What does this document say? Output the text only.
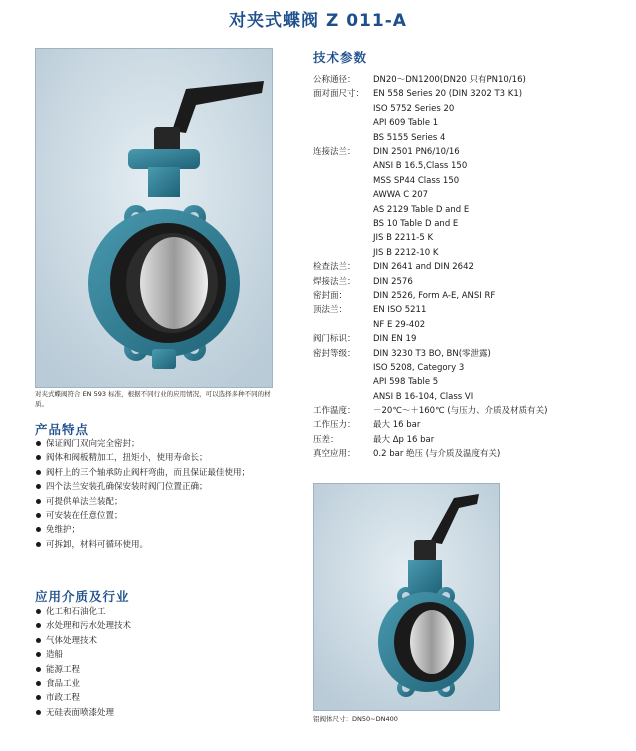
对夹式蝶阀 Z 011-A
对夹式蝶阀符合 EN 593 标准，根据不同行业的应用情况，可以选择多种不同的材质。
产品特点
保证阀门双向完全密封；
阀体和阀板精加工，扭矩小，使用寿命长；
阀杆上的三个轴承防止阀杆弯曲，而且保证最佳使用；
四个法兰安装孔确保安装时阀门位置正确；
可提供单法兰装配；
可安装在任意位置；
免维护；
可拆卸，材料可循环使用。
应用介质及行业
化工和石油化工
水处理和污水处理技术
气体处理技术
造船
能源工程
食品工业
市政工程
无硅表面喷漆处理
技术参数
公称通径：	DN20～DN1200(DN20 只有PN10/16)
面对面尺寸：	EN 558 Series 20 (DIN 3202 T3 K1)
ISO 5752 Series 20
API 609 Table 1
BS 5155 Series 4
连接法兰：	DIN 2501 PN6/10/16
ANSI B 16.5,Class 150
MSS SP44 Class 150
AWWA C 207
AS 2129 Table D and E
BS 10 Table D and E
JIS B 2211-5 K
JIS B 2212-10 K
检查法兰：	DIN 2641 and DIN 2642
焊接法兰：	DIN 2576
密封面：	DIN 2526, Form A-E, ANSI RF
顶法兰：	EN ISO 5211
NF E 29-402
阀门标识：	DIN EN 19
密封等级：	DIN 3230 T3 BO, BN(零泄露)
ISO 5208, Category 3
API 598 Table 5
ANSI B 16-104, Class VI
工作温度：	－20℃～＋160℃ (与压力、介质及材质有关)
工作压力：	最大 16 bar
压差：	最大 Δp 16 bar
真空应用：	0.2 bar 绝压 (与介质及温度有关)
铝阀体尺寸：DN50~DN400
